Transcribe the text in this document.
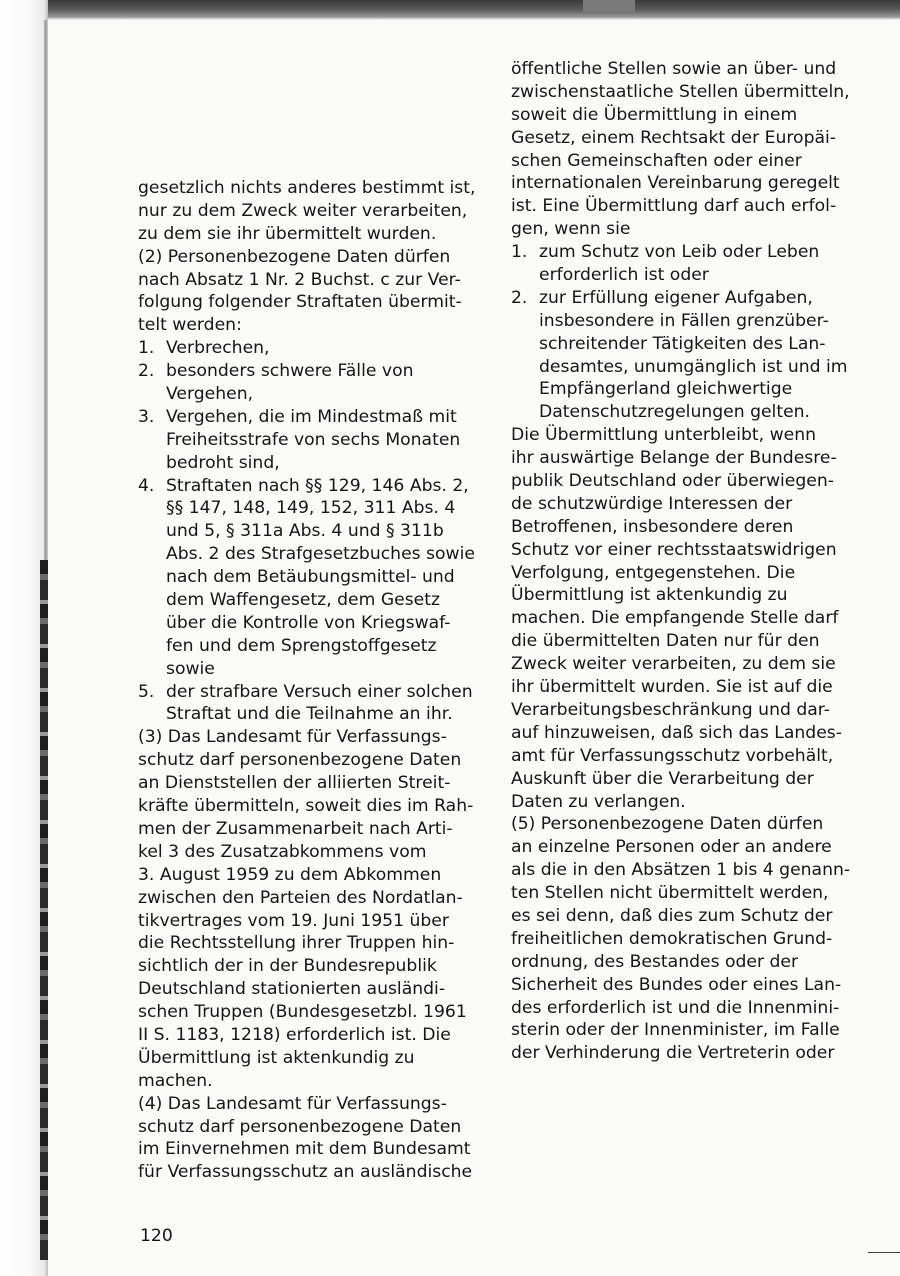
gesetzlich nichts anderes bestimmt ist,
nur zu dem Zweck weiter verarbeiten,
zu dem sie ihr übermittelt wurden.
(2) Personenbezogene Daten dürfen
nach Absatz 1 Nr. 2 Buchst. c zur Ver-
folgung folgender Straftaten übermit-
telt werden:
1. Verbrechen,
2. besonders schwere Fälle von
Vergehen,
3. Vergehen, die im Mindestmaß mit
Freiheitsstrafe von sechs Monaten
bedroht sind,
4. Straftaten nach §§ 129, 146 Abs. 2,
§§ 147, 148, 149, 152, 311 Abs. 4
und 5, § 311a Abs. 4 und § 311b
Abs. 2 des Strafgesetzbuches sowie
nach dem Betäubungsmittel- und
dem Waffengesetz, dem Gesetz
über die Kontrolle von Kriegswaf-
fen und dem Sprengstoffgesetz
sowie
5. der strafbare Versuch einer solchen
Straftat und die Teilnahme an ihr.
(3) Das Landesamt für Verfassungs-
schutz darf personenbezogene Daten
an Dienststellen der alliierten Streit-
kräfte übermitteln, soweit dies im Rah-
men der Zusammenarbeit nach Arti-
kel 3 des Zusatzabkommens vom
3. August 1959 zu dem Abkommen
zwischen den Parteien des Nordatlan-
tikvertrages vom 19. Juni 1951 über
die Rechtsstellung ihrer Truppen hin-
sichtlich der in der Bundesrepublik
Deutschland stationierten ausländi-
schen Truppen (Bundesgesetzbl. 1961
II S. 1183, 1218) erforderlich ist. Die
Übermittlung ist aktenkundig zu
machen.
(4) Das Landesamt für Verfassungs-
schutz darf personenbezogene Daten
im Einvernehmen mit dem Bundesamt
für Verfassungsschutz an ausländische
öffentliche Stellen sowie an über- und
zwischenstaatliche Stellen übermitteln,
soweit die Übermittlung in einem
Gesetz, einem Rechtsakt der Europäi-
schen Gemeinschaften oder einer
internationalen Vereinbarung geregelt
ist. Eine Übermittlung darf auch erfol-
gen, wenn sie
1. zum Schutz von Leib oder Leben
erforderlich ist oder
2. zur Erfüllung eigener Aufgaben,
insbesondere in Fällen grenzüber-
schreitender Tätigkeiten des Lan-
desamtes, unumgänglich ist und im
Empfängerland gleichwertige
Datenschutzregelungen gelten.
Die Übermittlung unterbleibt, wenn
ihr auswärtige Belange der Bundesre-
publik Deutschland oder überwiegen-
de schutzwürdige Interessen der
Betroffenen, insbesondere deren
Schutz vor einer rechtsstaatswidrigen
Verfolgung, entgegenstehen. Die
Übermittlung ist aktenkundig zu
machen. Die empfangende Stelle darf
die übermittelten Daten nur für den
Zweck weiter verarbeiten, zu dem sie
ihr übermittelt wurden. Sie ist auf die
Verarbeitungsbeschränkung und dar-
auf hinzuweisen, daß sich das Landes-
amt für Verfassungsschutz vorbehält,
Auskunft über die Verarbeitung der
Daten zu verlangen.
(5) Personenbezogene Daten dürfen
an einzelne Personen oder an andere
als die in den Absätzen 1 bis 4 genann-
ten Stellen nicht übermittelt werden,
es sei denn, daß dies zum Schutz der
freiheitlichen demokratischen Grund-
ordnung, des Bestandes oder der
Sicherheit des Bundes oder eines Lan-
des erforderlich ist und die Innenmini-
sterin oder der Innenminister, im Falle
der Verhinderung die Vertreterin oder
120
